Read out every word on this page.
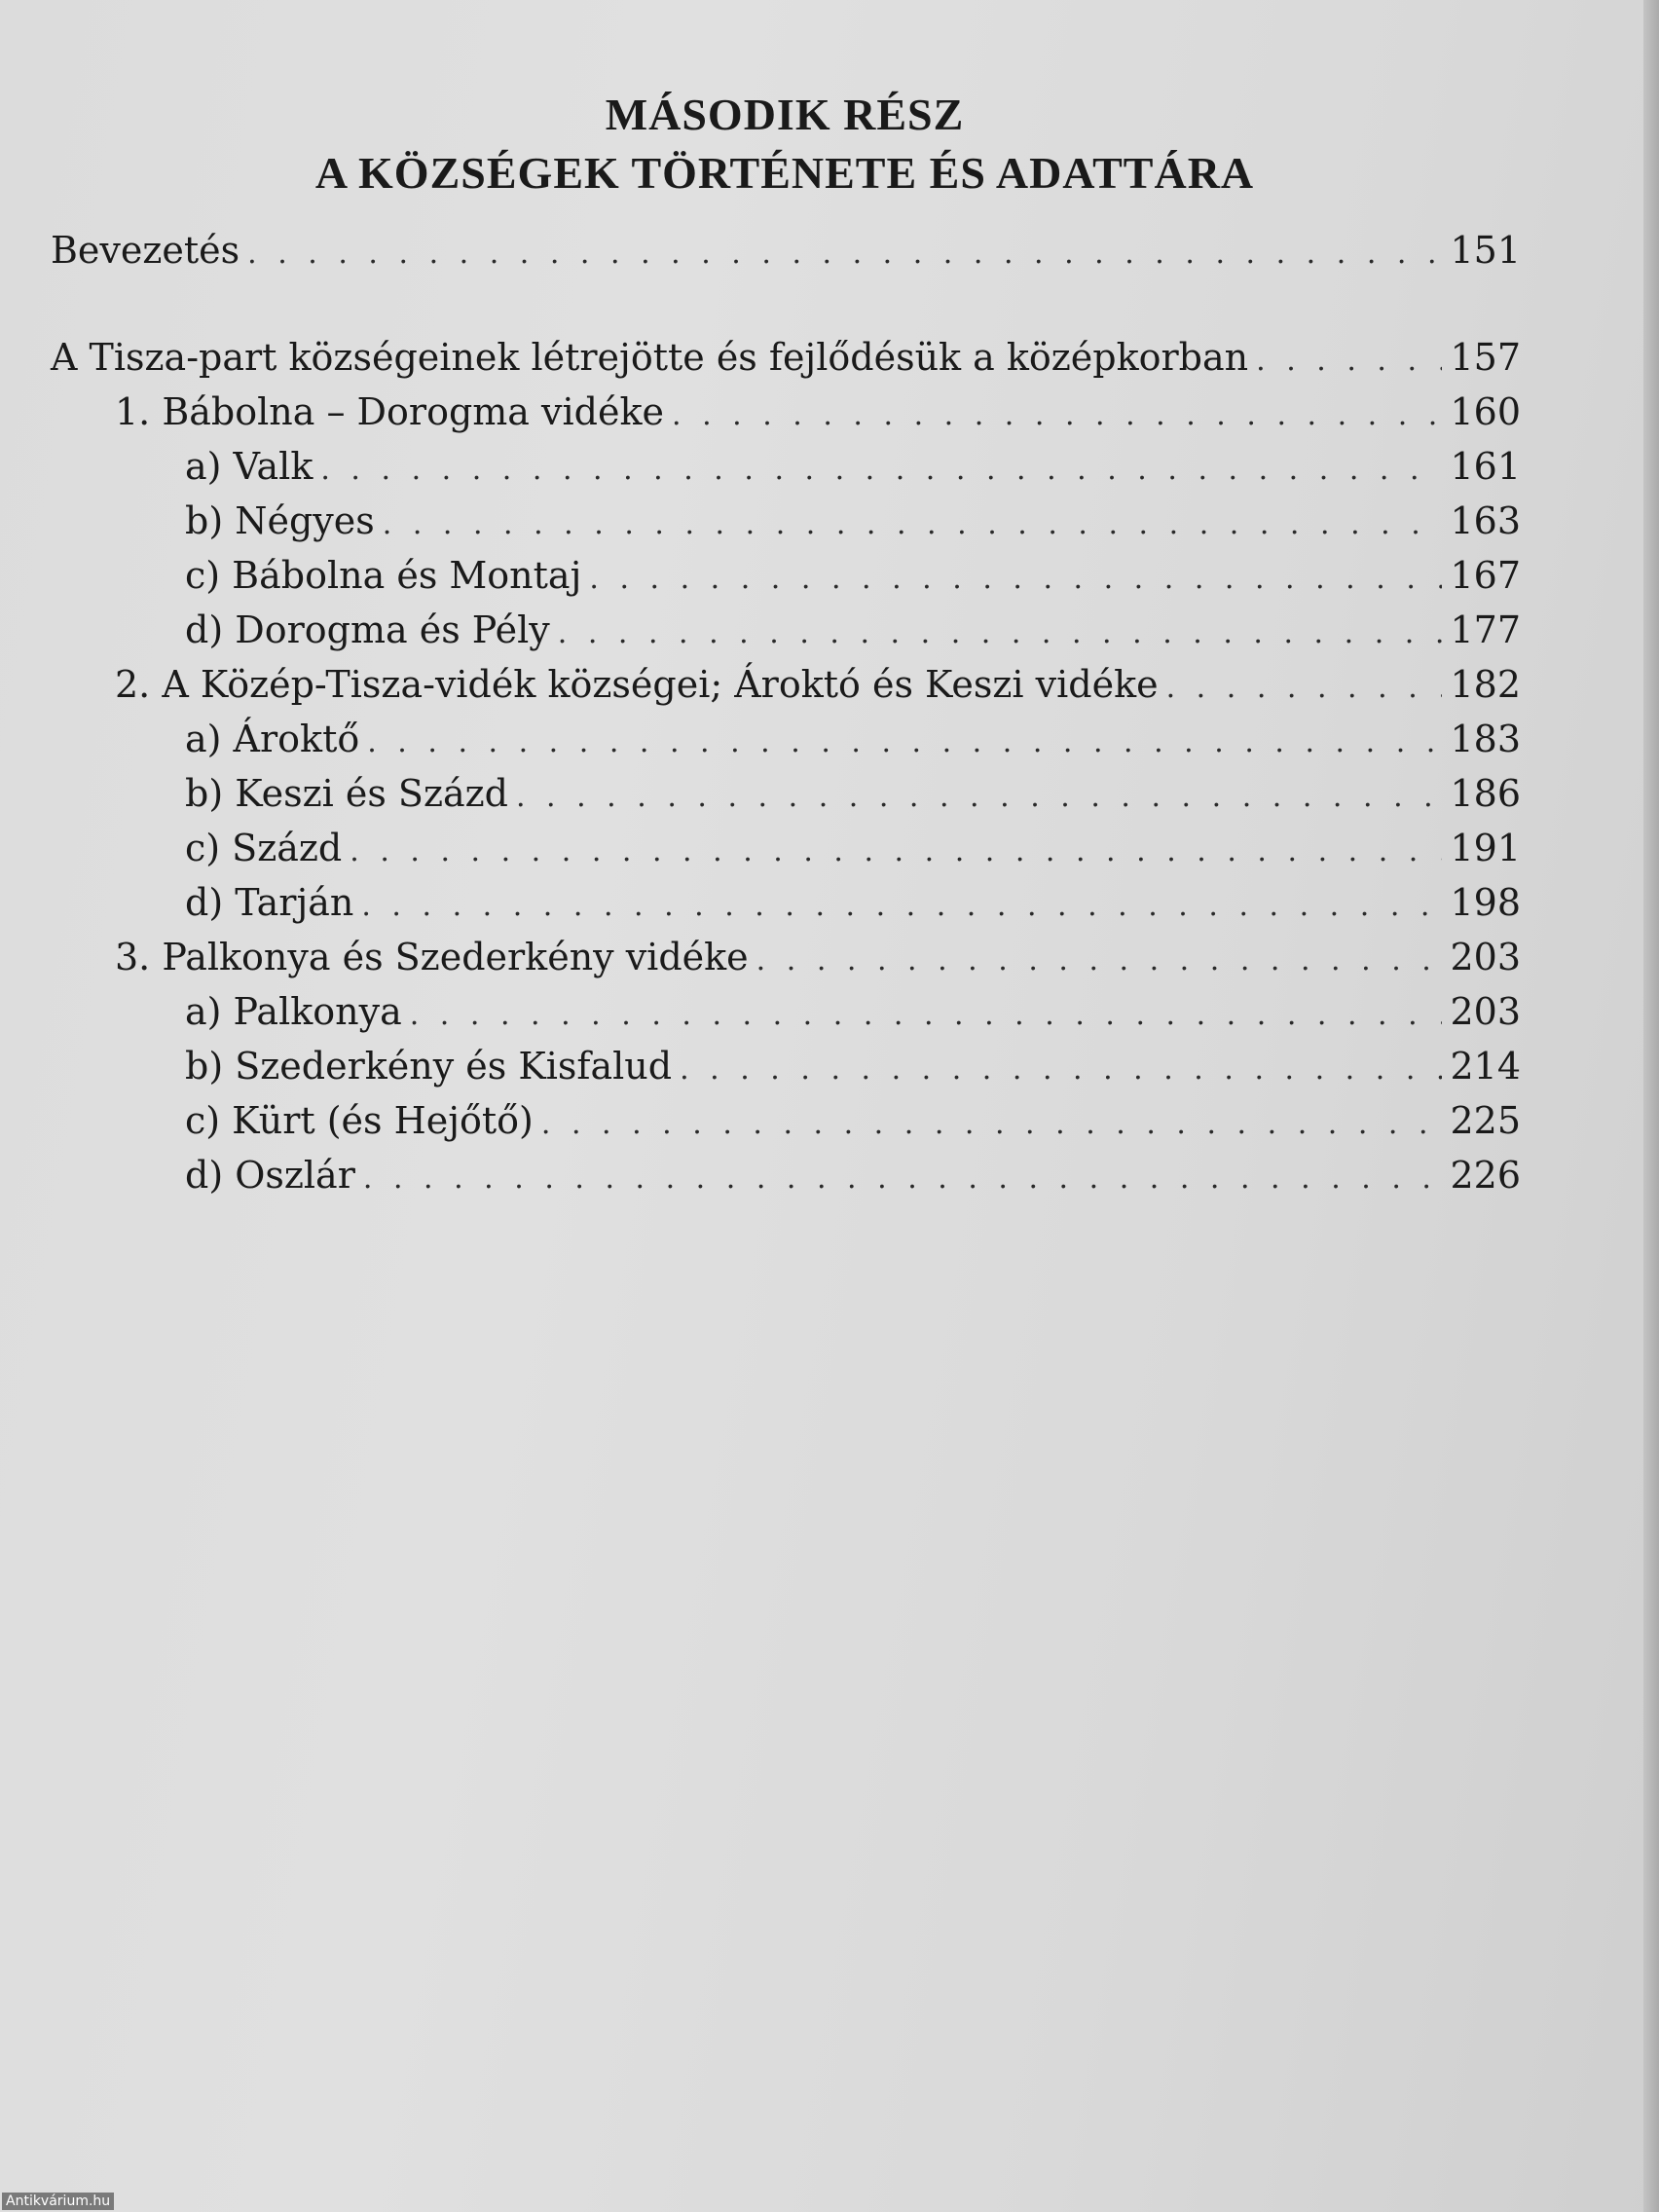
MÁSODIK RÉSZ
A KÖZSÉGEK TÖRTÉNETE ÉS ADATTÁRA
Bevezetés . . .	151
A Tisza-part községeinek létrejötte és fejlődésük a középkorban . . .	157
1. Bábolna – Dorogma vidéke . . .	160
a) Valk . . .	161
b) Négyes . . .	163
c) Bábolna és Montaj . . .	167
d) Dorogma és Pély . . .	177
2. A Közép-Tisza-vidék községei; Ároktó és Keszi vidéke . . .	182
a) Ároktő . . .	183
b) Keszi és Százd . . .	186
c) Százd . . .	191
d) Tarján . . .	198
3. Palkonya és Szederkény vidéke . . .	203
a) Palkonya . . .	203
b) Szederkény és Kisfalud . . .	214
c) Kürt (és Hejőtő) . . .	225
d) Oszlár . . .	226
Antikvárium.hu
